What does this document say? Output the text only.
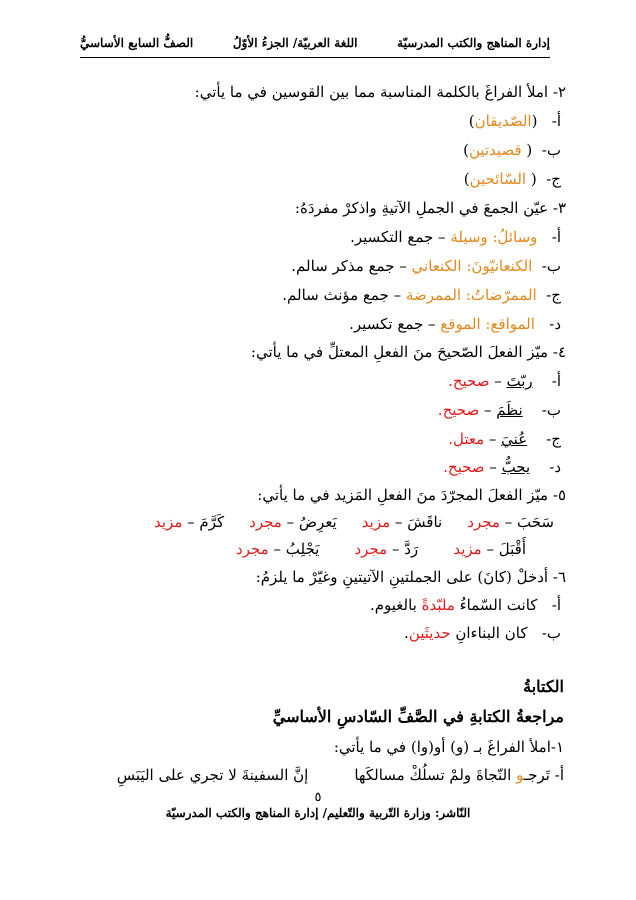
إدارة المناهج والكتب المدرسيّة
اللغة العربيّة/ الجزءُ الأوّلُ
الصفُّ السابع الأساسيُّ
٢- املأ الفراغَ بالكلمة المناسبة مما بين القوسين في ما يأتي:
أ-   (الصّديقان)
ب-  ( قصيدتين)
ج-  ( السّائحين)
٣- عيّن الجمعَ في الجملِ الآتيةِ واذكرْ مفردَهُ:
أ-   وسائلُ: وسيلة – جمع التكسير.
ب-  الكنعانيّونَ: الكنعاني – جمع مذكر سالم.
ج-  الممرّضاتُ: الممرضة – جمع مؤنث سالم.
د-   المواقع: الموقع – جمع تكسير.
٤- ميّز الفعلَ الصّحيحَ منَ الفعلِ المعتلِّ في ما يأتي:
أ-    ربّتَ – صحيح.
ب-    نظَمَ – صحيح.
ج-    عُنيَ – معتل.
د-    يحبُّ – صحيح.
٥- ميّز الفعلَ المجرّدَ منَ الفعلِ المَزيد في ما يأتي:
سَحَبَ – مجرد
ناقَشَ – مزيد
يَعرِضُ – مجرد
كَرَّمَ – مزيد
أَقْبَلَ – مزيد
رَدَّ – مجرد
يَجْلِبُ – مجرد
٦- أدخلْ (كانَ) على الجملتينِ الآتيتينِ وغيّرْ ما يلزمُ:
أ-   كانت السّماءُ ملبّدةً بالغيوم.
ب-   كان البناءانِ حديثَين.
الكتابةُ
مراجعةُ الكتابةِ في الصَّفِّ السّادسِ الأساسيِّ
١-املأ الفراغَ بـ (و) أو(وا) في ما يأتي:
أ- تَرجـو النّجاةَ ولمْ تسلُكْ مسالكَهاإنَّ السفينةَ لا تجري على اليَبَسِ
٥
النّاشر: وزارة التّربية والتّعليم/ إدارة المناهج والكتب المدرسيّة
